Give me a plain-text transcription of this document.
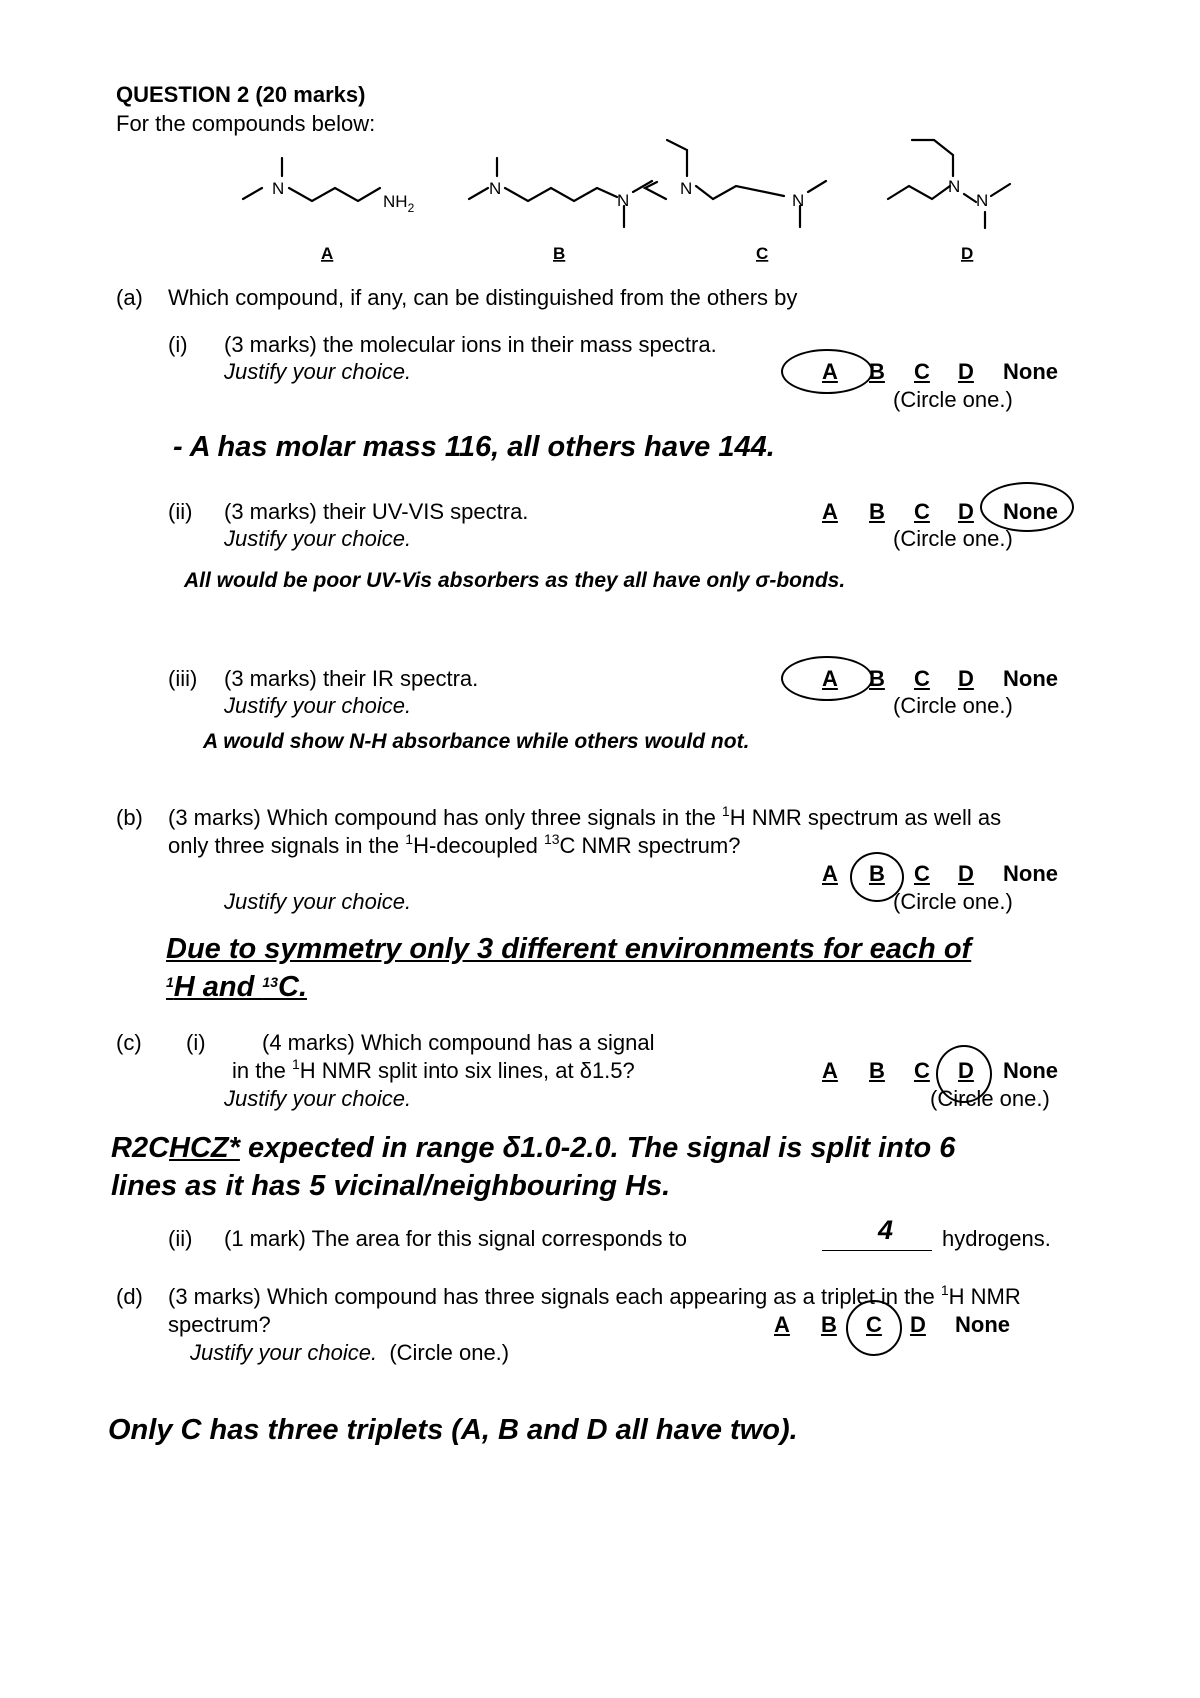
QUESTION 2 (20 marks)
For the compounds below:
N
$NH_2$
N
N
N
N
N
N
A	B	C	D
(a) Which compound, if any, can be distinguished from the others by
(i) (3 marks) the molecular ions in their mass spectra.
Justify your choice.	A B C D None
(Circle one.)
- A has molar mass 116, all others have 144.
(ii) (3 marks) their UV-VIS spectra.
Justify your choice.
A B C D None
(Circle one.)
All would be poor UV-Vis absorbers as they all have only σ-bonds.
(iii) (3 marks) their IR spectra.
Justify your choice.
A B C D None
(Circle one.)
A would show N-H absorbance while others would not.
(b) (3 marks) Which compound has only three signals in the $^1$H NMR spectrum as well as
only three signals in the $^1$H-decoupled $^{13}$C NMR spectrum?
A B C D None
Justify your choice.	(Circle one.)
Due to symmetry only 3 different environments for each of
$^1$H and $^{13}$C.
(c) (i)	(4 marks) Which compound has a signal
in the $^1$H NMR split into six lines, at δ1.5?	A B C D None
Justify your choice.	(Circle one.)
R2CHCZ* expected in range δ1.0-2.0. The signal is split into 6
lines as it has 5 vicinal/neighbouring Hs.
(ii) (1 mark) The area for this signal corresponds to	4 hydrogens.
(d) (3 marks) Which compound has three signals each appearing as a triplet in the $^1$H NMR
spectrum?	A B C D None
Justify your choice. (Circle one.)
Only C has three triplets (A, B and D all have two).
